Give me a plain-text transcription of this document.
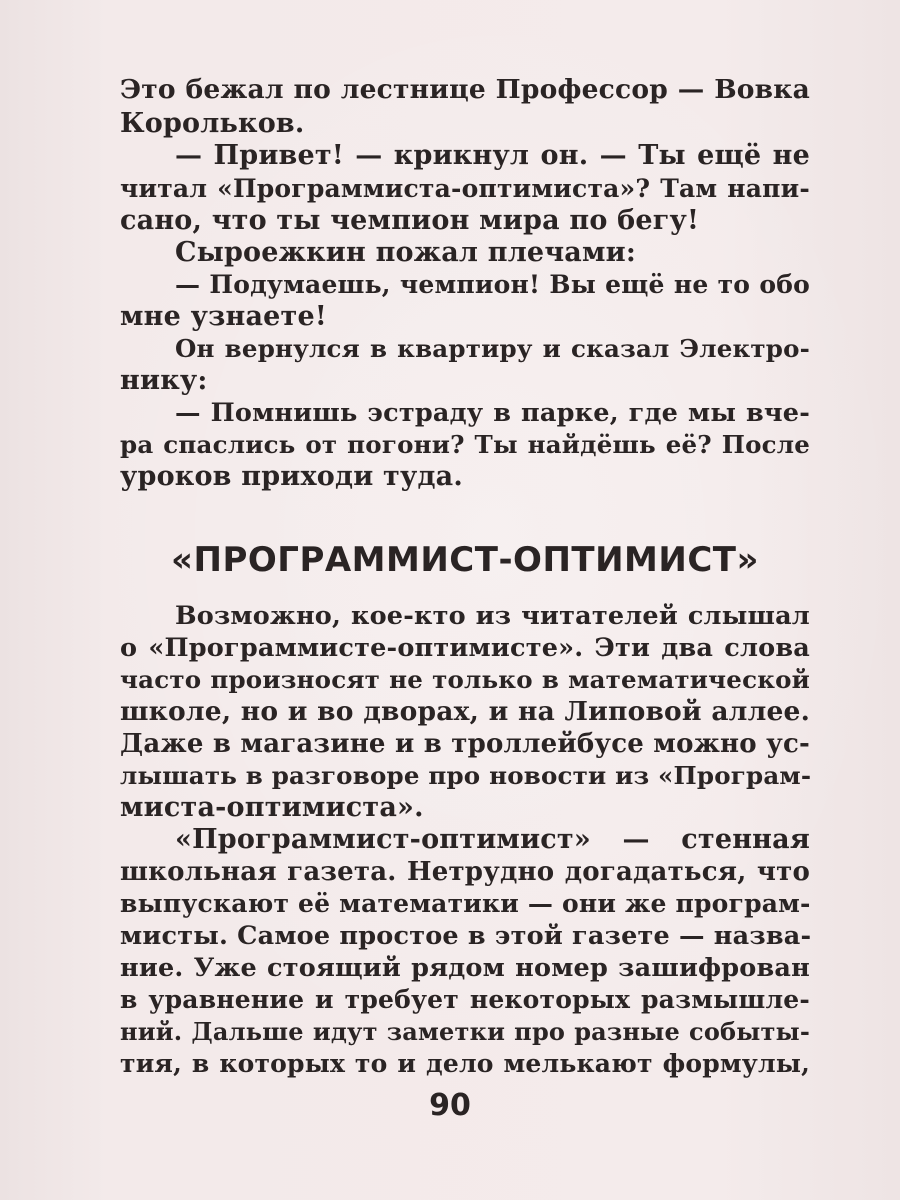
Это бежал по лестнице Профессор — Вовка
Корольков.
— Привет! — крикнул он. — Ты ещё не
читал «Программиста-оптимиста»? Там напи-
сано, что ты чемпион мира по бегу!
Сыроежкин пожал плечами:
— Подумаешь, чемпион! Вы ещё не то обо
мне узнаете!
Он вернулся в квартиру и сказал Электро-
нику:
— Помнишь эстраду в парке, где мы вче-
ра спаслись от погони? Ты найдёшь её? После
уроков приходи туда.
«ПРОГРАММИСТ-ОПТИМИСТ»
Возможно, кое-кто из читателей слышал
о «Программисте-оптимисте». Эти два слова
часто произносят не только в математической
школе, но и во дворах, и на Липовой аллее.
Даже в магазине и в троллейбусе можно ус-
лышать в разговоре про новости из «Програм-
миста-оптимиста».
«Программист-оптимист» — стенная
школьная газета. Нетрудно догадаться, что
выпускают её математики — они же програм-
мисты. Самое простое в этой газете — назва-
ние. Уже стоящий рядом номер зашифрован
в уравнение и требует некоторых размышле-
ний. Дальше идут заметки про разные событы-
тия, в которых то и дело мелькают формулы,
90
